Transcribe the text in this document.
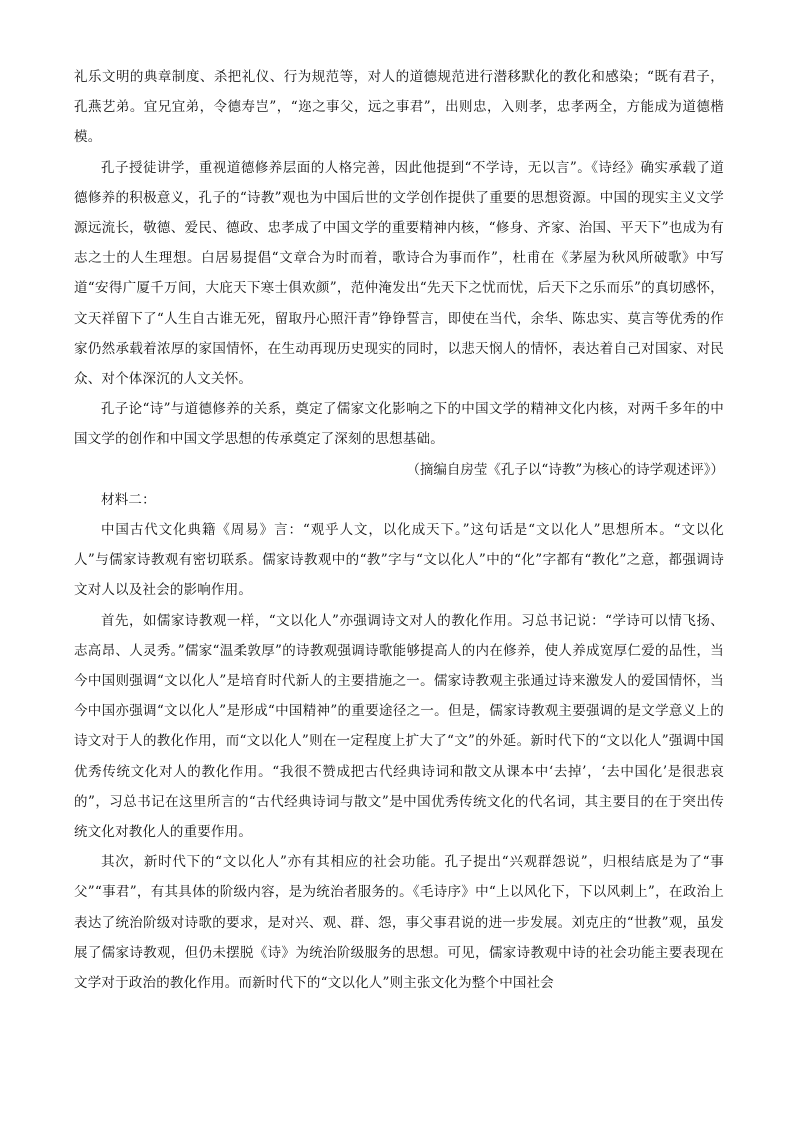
礼乐文明的典章制度、杀把礼仪、行为规范等，对人的道德规范进行潜移默化的教化和感染；“既有君子，孔燕艺弟。宜兄宜弟，令德寿岂”，“迩之事父，远之事君”，出则忠，入则孝，忠孝两全，方能成为道德楷模。

孔子授徒讲学，重视道德修养层面的人格完善，因此他提到“不学诗，无以言”。《诗经》确实承载了道德修养的积极意义，孔子的“诗教”观也为中国后世的文学创作提供了重要的思想资源。中国的现实主义文学源远流长，敬德、爱民、德政、忠孝成了中国文学的重要精神内核，“修身、齐家、治国、平天下”也成为有志之士的人生理想。白居易提倡“文章合为时而着，歌诗合为事而作”，杜甫在《茅屋为秋风所破歌》中写道“安得广厦千万间，大庇天下寒士俱欢颜”，范仲淹发出“先天下之忧而忧，后天下之乐而乐”的真切感怀，文天祥留下了“人生自古谁无死，留取丹心照汗青”铮铮誓言，即使在当代，余华、陈忠实、莫言等优秀的作家仍然承载着浓厚的家国情怀，在生动再现历史现实的同时，以悲天悯人的情怀，表达着自己对国家、对民众、对个体深沉的人文关怀。

孔子论“诗”与道德修养的关系，奠定了儒家文化影响之下的中国文学的精神文化内核，对两千多年的中国文学的创作和中国文学思想的传承奠定了深刻的思想基础。

（摘编自房莹《孔子以“诗教”为核心的诗学观述评》）

材料二：

中国古代文化典籍《周易》言：“观乎人文，以化成天下。”这句话是“文以化人”思想所本。“文以化人”与儒家诗教观有密切联系。儒家诗教观中的“教”字与“文以化人”中的“化”字都有“教化”之意，都强调诗文对人以及社会的影响作用。

首先，如儒家诗教观一样，“文以化人”亦强调诗文对人的教化作用。习总书记说：“学诗可以情飞扬、志高昂、人灵秀。”儒家“温柔敦厚”的诗教观强调诗歌能够提高人的内在修养，使人养成宽厚仁爱的品性，当今中国则强调“文以化人”是培育时代新人的主要措施之一。儒家诗教观主张通过诗来激发人的爱国情怀，当今中国亦强调“文以化人”是形成“中国精神”的重要途径之一。但是，儒家诗教观主要强调的是文学意义上的诗文对于人的教化作用，而“文以化人”则在一定程度上扩大了“文”的外延。新时代下的“文以化人”强调中国优秀传统文化对人的教化作用。“我很不赞成把古代经典诗词和散文从课本中‘去掉’，‘去中国化’是很悲哀的”，习总书记在这里所言的“古代经典诗词与散文”是中国优秀传统文化的代名词，其主要目的在于突出传统文化对教化人的重要作用。

其次，新时代下的“文以化人”亦有其相应的社会功能。孔子提出“兴观群怨说”，归根结底是为了“事父”“事君”，有其具体的阶级内容，是为统治者服务的。《毛诗序》中“上以风化下，下以风刺上”，在政治上表达了统治阶级对诗歌的要求，是对兴、观、群、怨，事父事君说的进一步发展。刘克庄的“世教”观，虽发展了儒家诗教观，但仍未摆脱《诗》为统治阶级服务的思想。可见，儒家诗教观中诗的社会功能主要表现在文学对于政治的教化作用。而新时代下的“文以化人”则主张文化为整个中国社会
